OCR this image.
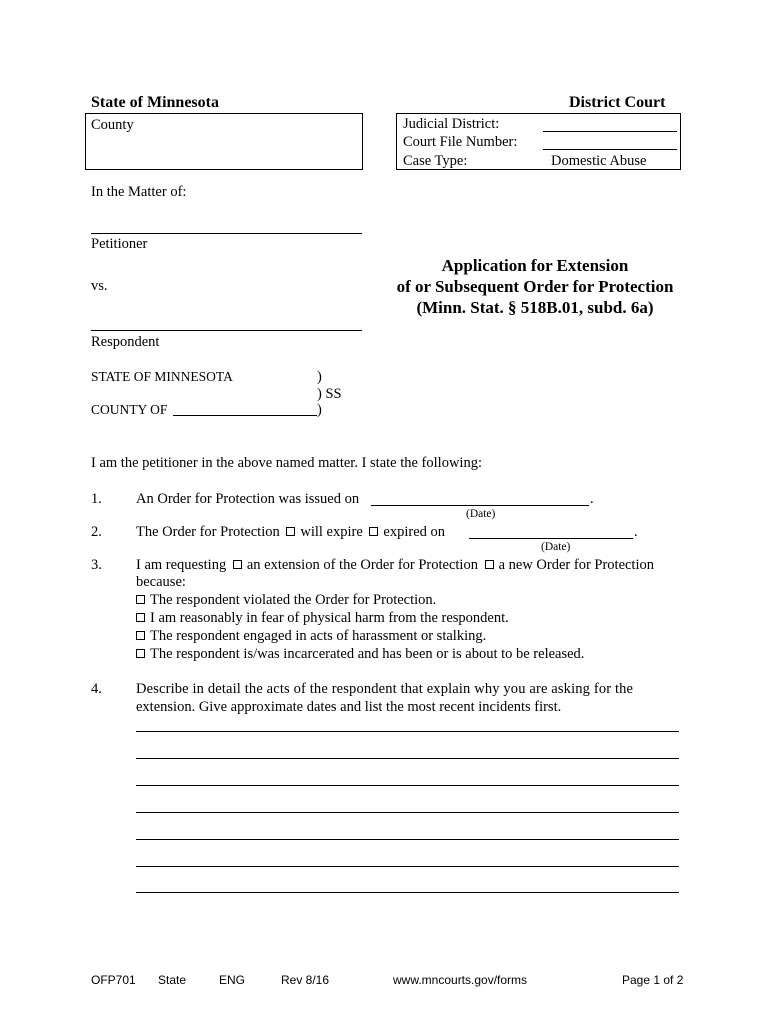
State of Minnesota	District Court
County	Judicial District:
Court File Number:
Case Type:	Domestic Abuse
In the Matter of:
Petitioner
vs.
Respondent
Application for Extension
of or Subsequent Order for Protection
(Minn. Stat. § 518B.01, subd. 6a)
STATE OF MINNESOTA
COUNTY OF
)
) SS
)
I am the petitioner in the above named matter. I state the following:
1. An Order for Protection was issued on	.
(Date)
2. The Order for Protection will expire expired on	.
(Date)
3. I am requesting an extension of the Order for Protection a new Order for Protection
because:
The respondent violated the Order for Protection.
I am reasonably in fear of physical harm from the respondent.
The respondent engaged in acts of harassment or stalking.
The respondent is/was incarcerated and has been or is about to be released.
4. Describe in detail the acts of the respondent that explain why you are asking for the
extension. Give approximate dates and list the most recent incidents first.
OFP701 State	ENG	Rev 8/16	www.mncourts.gov/forms	Page 1 of 2
